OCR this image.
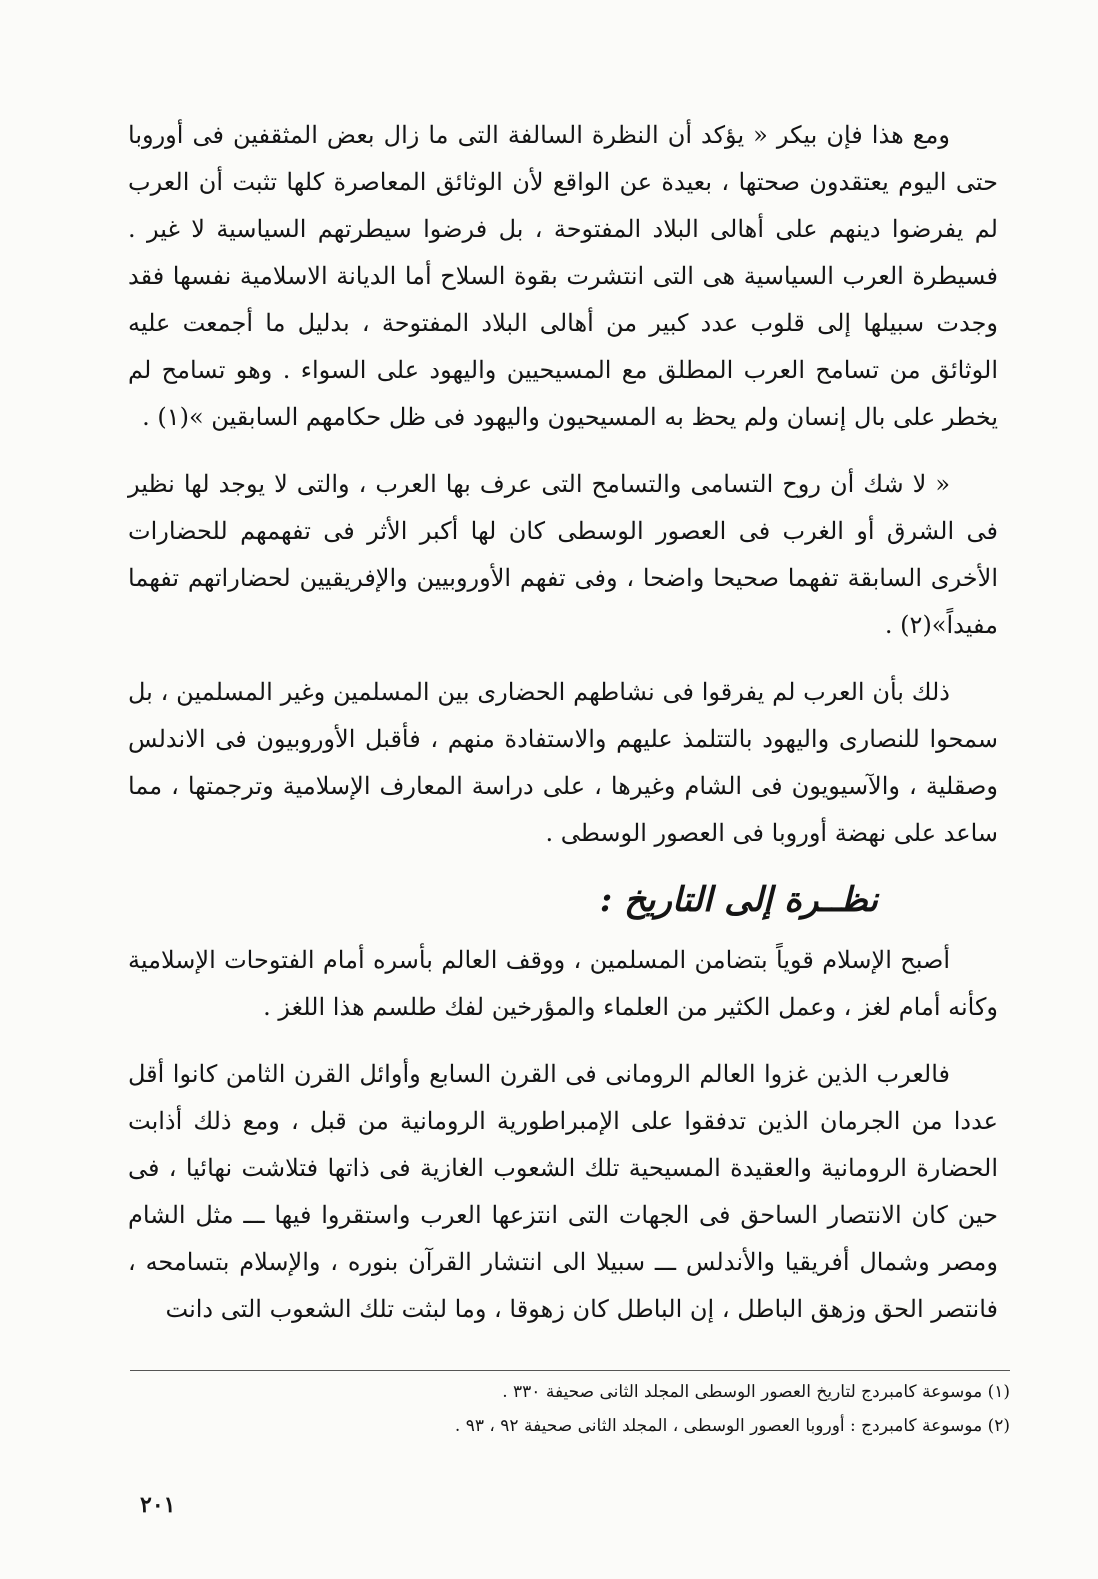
ومع هذا فإن بيكر « يؤكد أن النظرة السالفة التى ما زال بعض المثقفين فى أوروبا حتى اليوم يعتقدون صحتها ، بعيدة عن الواقع لأن الوثائق المعاصرة كلها تثبت أن العرب لم يفرضوا دينهم على أهالى البلاد المفتوحة ، بل فرضوا سيطرتهم السياسية لا غير . فسيطرة العرب السياسية هى التى انتشرت بقوة السلاح أما الديانة الاسلامية نفسها فقد وجدت سبيلها إلى قلوب عدد كبير من أهالى البلاد المفتوحة ، بدليل ما أجمعت عليه الوثائق من تسامح العرب المطلق مع المسيحيين واليهود على السواء . وهو تسامح لم يخطر على بال إنسان ولم يحظ به المسيحيون واليهود فى ظل حكامهم السابقين »(١) .

« لا شك أن روح التسامى والتسامح التى عرف بها العرب ، والتى لا يوجد لها نظير فى الشرق أو الغرب فى العصور الوسطى كان لها أكبر الأثر فى تفهمهم للحضارات الأخرى السابقة تفهما صحيحا واضحا ، وفى تفهم الأوروبيين والإفريقيين لحضاراتهم تفهما مفيداً»(٢) .

ذلك بأن العرب لم يفرقوا فى نشاطهم الحضارى بين المسلمين وغير المسلمين ، بل سمحوا للنصارى واليهود بالتتلمذ عليهم والاستفادة منهم ، فأقبل الأوروبيون فى الاندلس وصقلية ، والآسيويون فى الشام وغيرها ، على دراسة المعارف الإسلامية وترجمتها ، مما ساعد على نهضة أوروبا فى العصور الوسطى .

نظــرة إلى التاريخ :

أصبح الإسلام قوياً بتضامن المسلمين ، ووقف العالم بأسره أمام الفتوحات الإسلامية وكأنه أمام لغز ، وعمل الكثير من العلماء والمؤرخين لفك طلسم هذا اللغز .

فالعرب الذين غزوا العالم الرومانى فى القرن السابع وأوائل القرن الثامن كانوا أقل عددا من الجرمان الذين تدفقوا على الإمبراطورية الرومانية من قبل ، ومع ذلك أذابت الحضارة الرومانية والعقيدة المسيحية تلك الشعوب الغازية فى ذاتها فتلاشت نهائيا ، فى حين كان الانتصار الساحق فى الجهات التى انتزعها العرب واستقروا فيها ـــ مثل الشام ومصر وشمال أفريقيا والأندلس ـــ سبيلا الى انتشار القرآن بنوره ، والإسلام بتسامحه ، فانتصر الحق وزهق الباطل ، إن الباطل كان زهوقا ، وما لبثت تلك الشعوب التى دانت

(١) موسوعة كامبردج لتاريخ العصور الوسطى المجلد الثانى صحيفة ٣٣٠ .

(٢) موسوعة كامبردج : أوروبا العصور الوسطى ، المجلد الثانى صحيفة ٩٢ ، ٩٣ .

٢٠١
